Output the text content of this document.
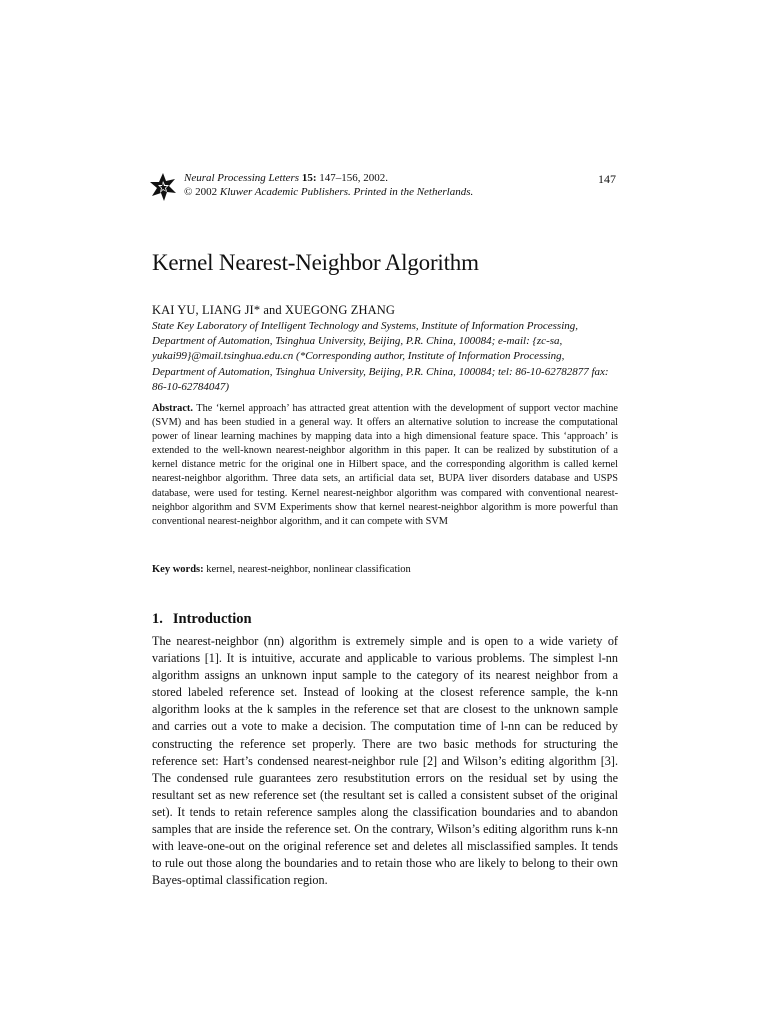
Neural Processing Letters 15: 147–156, 2002.
© 2002 Kluwer Academic Publishers. Printed in the Netherlands.
147
Kernel Nearest-Neighbor Algorithm
KAI YU, LIANG JI* and XUEGONG ZHANG
State Key Laboratory of Intelligent Technology and Systems, Institute of Information Processing, Department of Automation, Tsinghua University, Beijing, P.R. China, 100084; e-mail: {zc-sa, yukai99}@mail.tsinghua.edu.cn (*Corresponding author, Institute of Information Processing, Department of Automation, Tsinghua University, Beijing, P.R. China, 100084; tel: 86-10-62782877 fax: 86-10-62784047)

Abstract. The ‘kernel approach’ has attracted great attention with the development of support vector machine (SVM) and has been studied in a general way. It offers an alternative solution to increase the computational power of linear learning machines by mapping data into a high dimensional feature space. This ‘approach’ is extended to the well-known nearest-neighbor algorithm in this paper. It can be realized by substitution of a kernel distance metric for the original one in Hilbert space, and the corresponding algorithm is called kernel nearest-neighbor algorithm. Three data sets, an artificial data set, BUPA liver disorders database and USPS database, were used for testing. Kernel nearest-neighbor algorithm was compared with conventional nearest-neighbor algorithm and SVM Experiments show that kernel nearest-neighbor algorithm is more powerful than conventional nearest-neighbor algorithm, and it can compete with SVM

Key words: kernel, nearest-neighbor, nonlinear classification
1. Introduction

The nearest-neighbor (nn) algorithm is extremely simple and is open to a wide variety of variations [1]. It is intuitive, accurate and applicable to various problems. The simplest l-nn algorithm assigns an unknown input sample to the category of its nearest neighbor from a stored labeled reference set. Instead of looking at the closest reference sample, the k-nn algorithm looks at the k samples in the reference set that are closest to the unknown sample and carries out a vote to make a decision. The computation time of l-nn can be reduced by constructing the reference set properly. There are two basic methods for structuring the reference set: Hart’s condensed nearest-neighbor rule [2] and Wilson’s editing algorithm [3]. The condensed rule guarantees zero resubstitution errors on the residual set by using the resultant set as new reference set (the resultant set is called a consistent subset of the original set). It tends to retain reference samples along the classification boundaries and to abandon samples that are inside the reference set. On the contrary, Wilson’s editing algorithm runs k-nn with leave-one-out on the original reference set and deletes all misclassified samples. It tends to rule out those along the boundaries and to retain those who are likely to belong to their own Bayes-optimal classification region.
